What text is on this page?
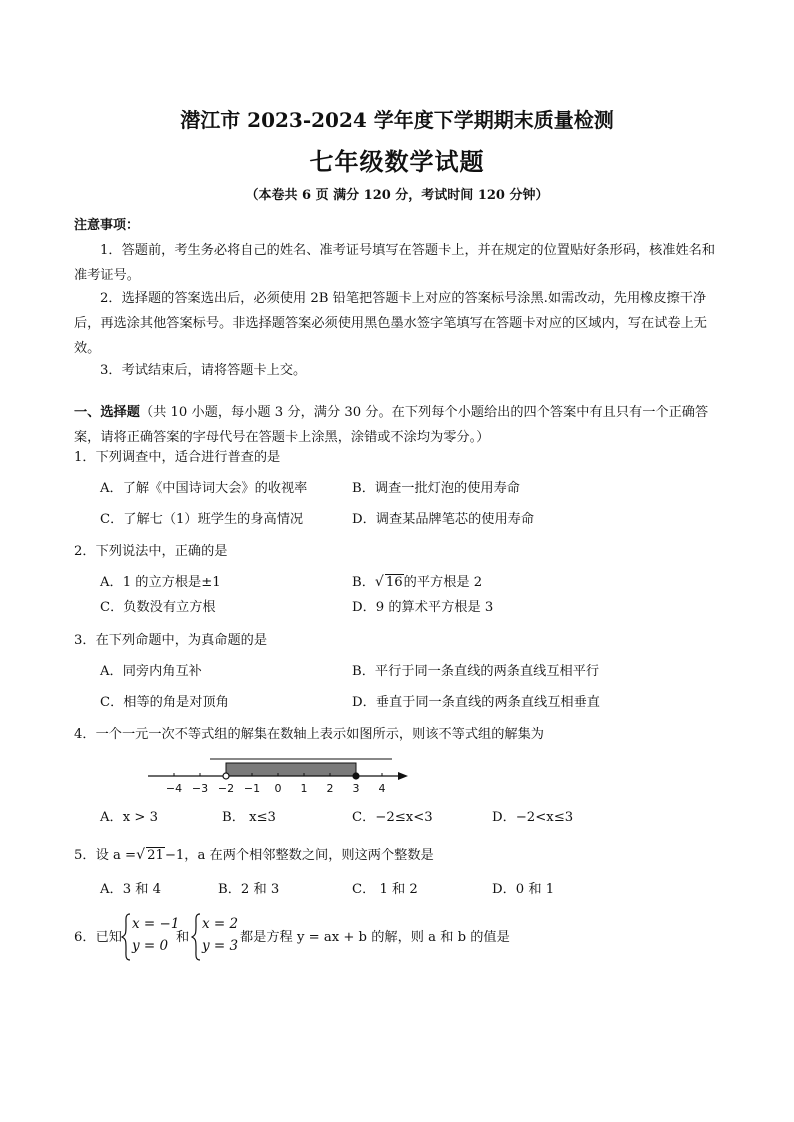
潜江市 2023-2024 学年度下学期期末质量检测
七年级数学试题
（本卷共 6 页 满分 120 分，考试时间 120 分钟）
注意事项：
1．答题前，考生务必将自己的姓名、准考证号填写在答题卡上，并在规定的位置贴好条形码，核准姓名和准考证号。
2．选择题的答案选出后，必须使用 2B 铅笔把答题卡上对应的答案标号涂黑.如需改动，先用橡皮擦干净后，再选涂其他答案标号。非选择题答案必须使用黑色墨水签字笔填写在答题卡对应的区域内，写在试卷上无效。
3．考试结束后，请将答题卡上交。
一、选择题（共 10 小题，每小题 3 分，满分 30 分。在下列每个小题给出的四个答案中有且只有一个正确答案，请将正确答案的字母代号在答题卡上涂黑，涂错或不涂均为零分。）
1．下列调查中，适合进行普查的是
A．了解《中国诗词大会》的收视率	B．调查一批灯泡的使用寿命
C．了解七（1）班学生的身高情况	D．调查某品牌笔芯的使用寿命
2．下列说法中，正确的是
A．1 的立方根是±1	B． √ 16的平方根是 2
C．负数没有立方根	D．9 的算术平方根是 3
3．在下列命题中，为真命题的是
A．同旁内角互补	B．平行于同一条直线的两条直线互相平行
C．相等的角是对顶角	D．垂直于同一条直线的两条直线互相垂直
4．一个一元一次不等式组的解集在数轴上表示如图所示，则该不等式组的解集为
−4 −3 −2 −1 0 1 2 3 4
A．x > 3	B． x≤3	C．−2≤x<3	D．−2<x≤3
5．设 a = √ 21−1，a 在两个相邻整数之间，则这两个整数是
A．3 和 4	B．2 和 3	C． 1 和 2	D．0 和 1
6．已知
x = −1
y = 0
和
x = 2
y = 3
都是方程 y = ax + b 的解，则 a 和 b 的值是
